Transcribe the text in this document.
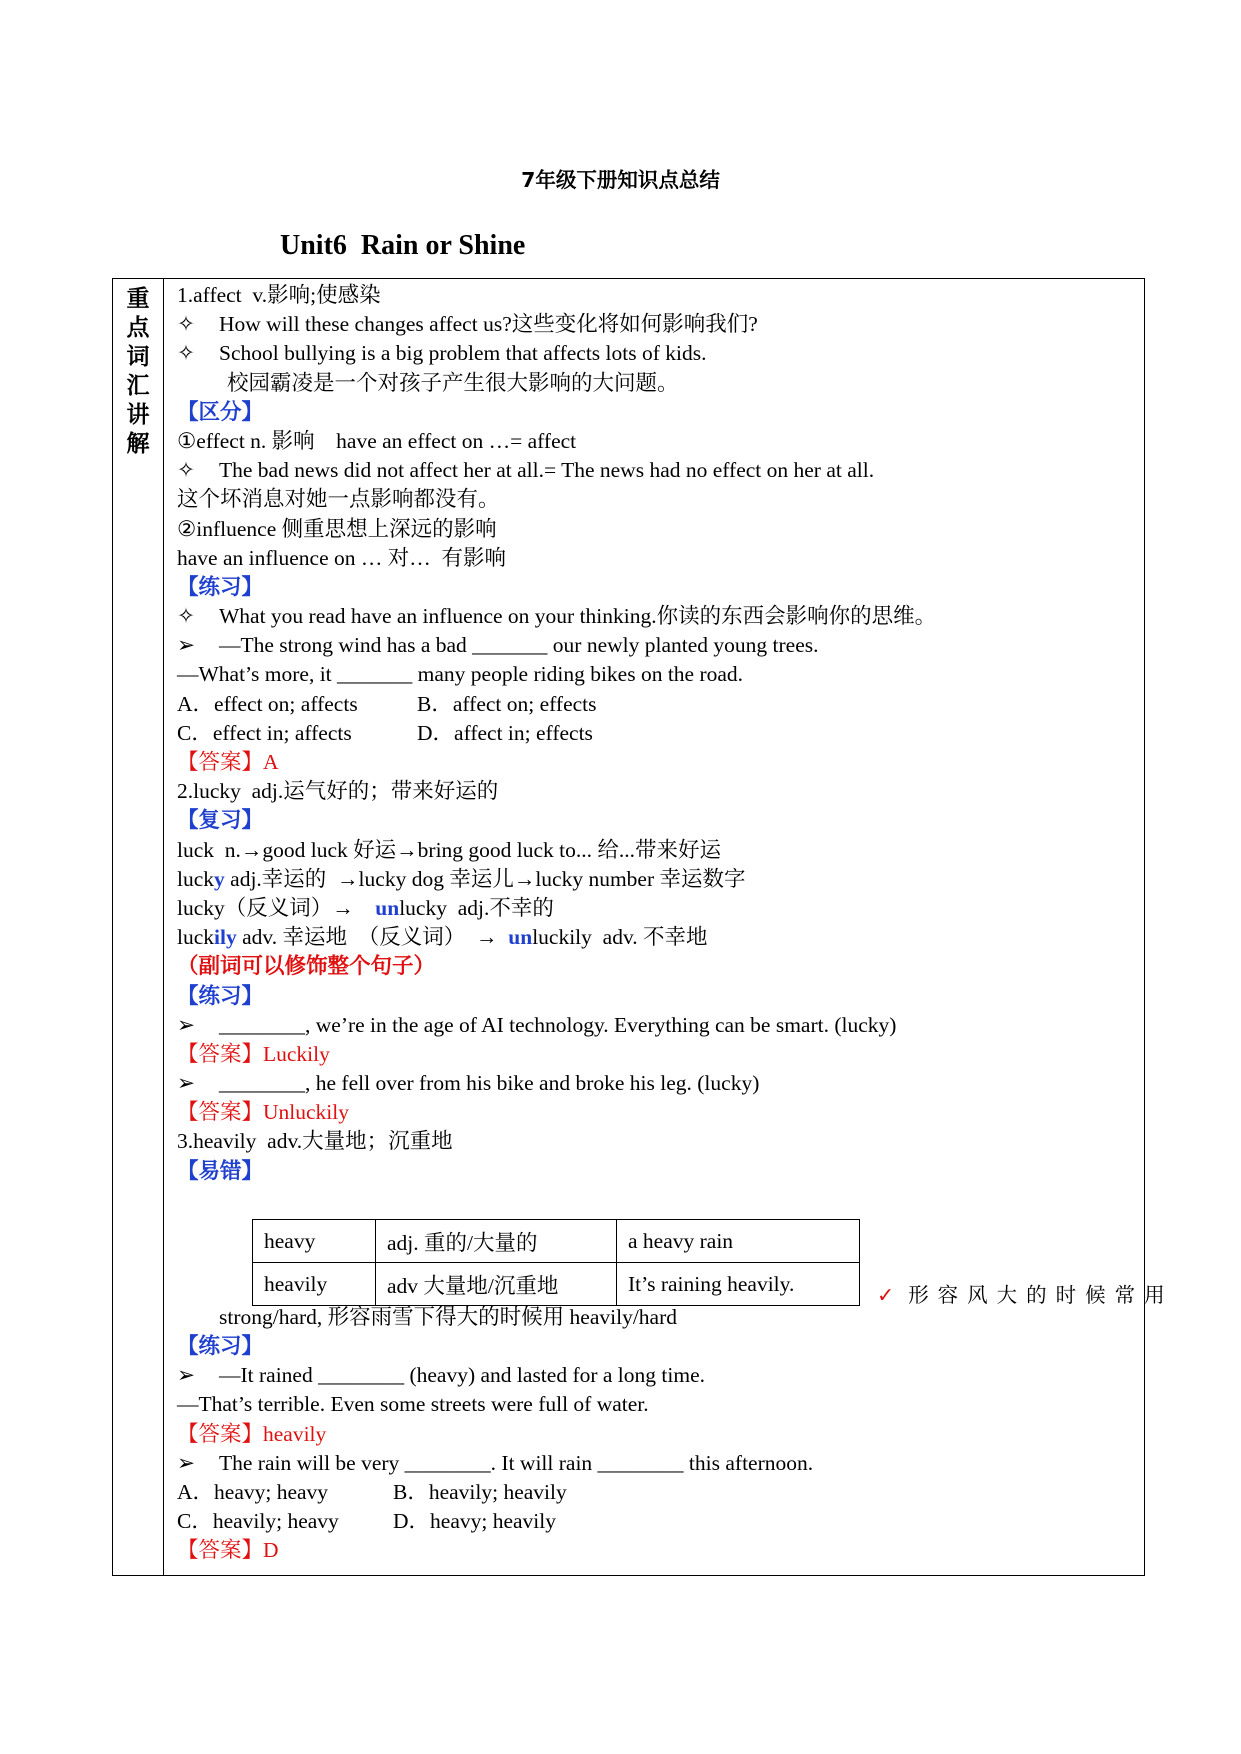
7年级下册知识点总结
Unit6  Rain or Shine
重
点
词
汇
讲
解
1.affect  v.影响;使感染
✧ How will these changes affect us?这些变化将如何影响我们?
✧ School bullying is a big problem that affects lots of kids.
校园霸凌是一个对孩子产生很大影响的大问题。
【区分】
①effect n. 影响    have an effect on …= affect
✧ The bad news did not affect her at all.= The news had no effect on her at all.
这个坏消息对她一点影响都没有。
②influence 侧重思想上深远的影响
have an influence on … 对…  有影响
【练习】
✧ What you read have an influence on your thinking.你读的东西会影响你的思维。
➢ —The strong wind has a bad _______ our newly planted young trees.
—What’s more, it _______ many people riding bikes on the road.
A．effect on; affects	B．affect on; effects
C．effect in; affects	D．affect in; effects
【答案】A
2.lucky  adj.运气好的；带来好运的
【复习】
luck  n.→good luck 好运→bring good luck to... 给...带来好运
lucky adj.幸运的  →lucky dog 幸运儿→lucky number 幸运数字
lucky（反义词）→    unlucky  adj.不幸的
luckily adv. 幸运地  （反义词）  →  unluckily  adv. 不幸地
（副词可以修饰整个句子）
【练习】
➢ ________, we’re in the age of AI technology. Everything can be smart. (lucky)
【答案】Luckily
➢ ________, he fell over from his bike and broke his leg. (lucky)
【答案】Unluckily
3.heavily  adv.大量地；沉重地
【易错】
strong/hard, 形容雨雪下得大的时候用 heavily/hard
【练习】
➢ —It rained ________ (heavy) and lasted for a long time.
—That’s terrible. Even some streets were full of water.
【答案】heavily
➢ The rain will be very ________. It will rain ________ this afternoon.
A．heavy; heavy	B．heavily; heavily
C．heavily; heavy	D．heavy; heavily
【答案】D
heavy	adj. 重的/大量的	a heavy rain
heavily	adv 大量地/沉重地	It’s raining heavily.
✓ 形容风大的时候常用
